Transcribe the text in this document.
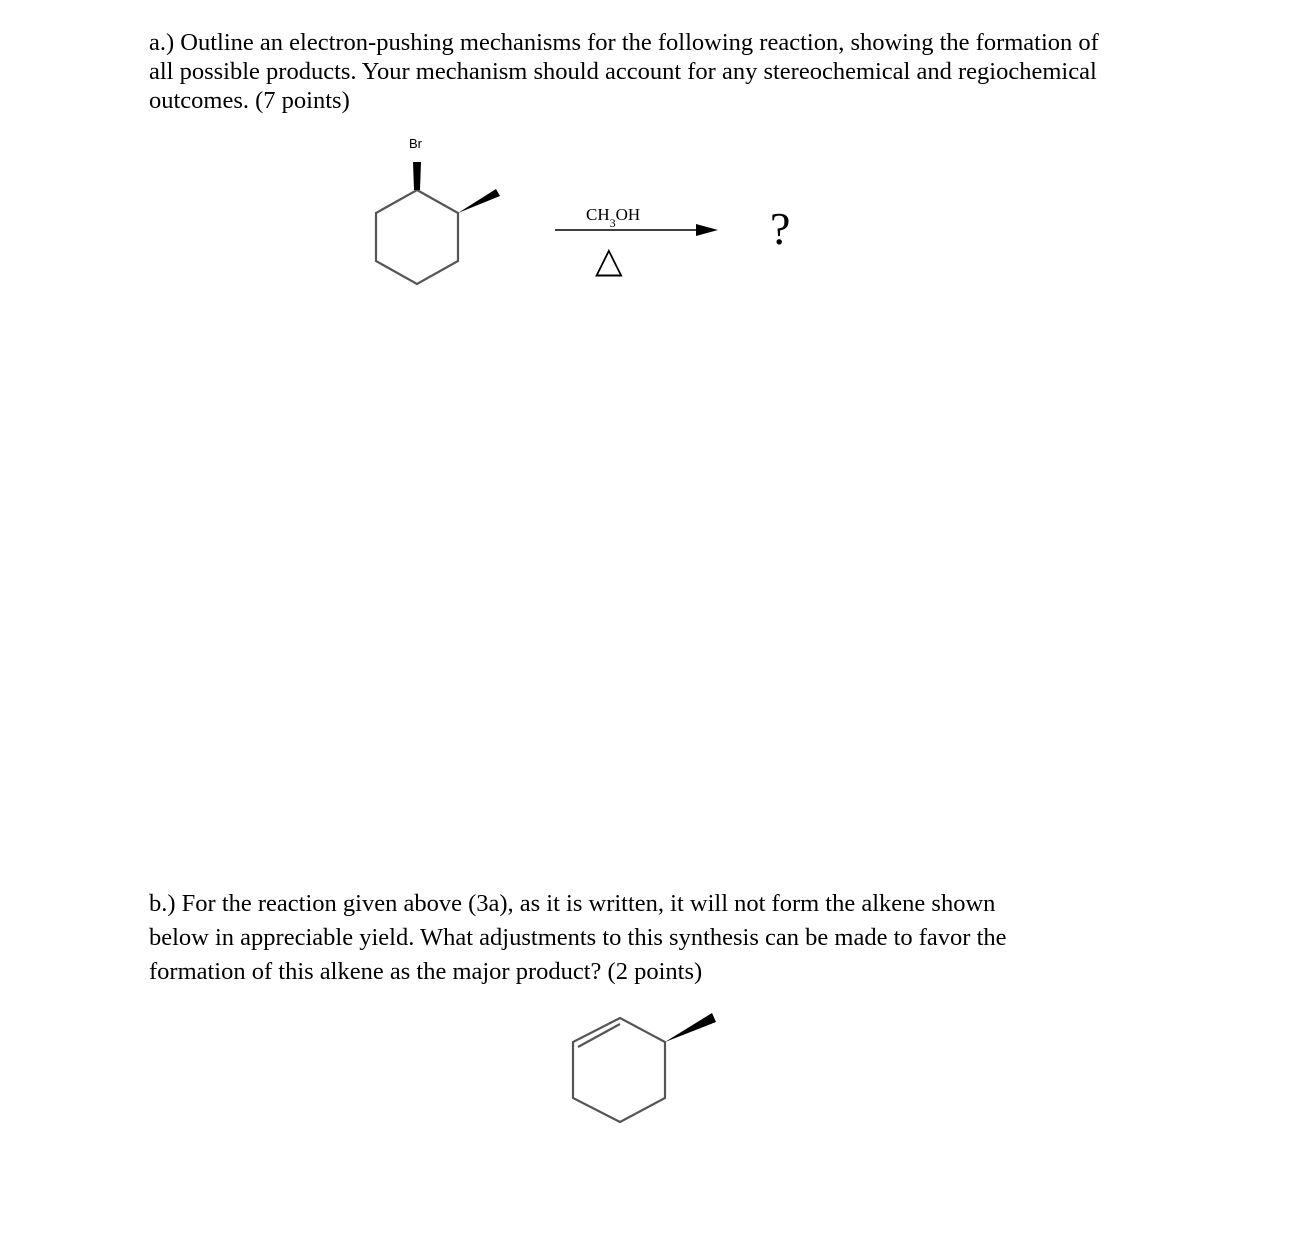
a.) Outline an electron-pushing mechanisms for the following reaction, showing the formation of
all possible products. Your mechanism should account for any stereochemical and regiochemical
outcomes. (7 points)
Br
$CH_3OH$
△
?
b.) For the reaction given above (3a), as it is written, it will not form the alkene shown
below in appreciable yield. What adjustments to this synthesis can be made to favor the
formation of this alkene as the major product? (2 points)
